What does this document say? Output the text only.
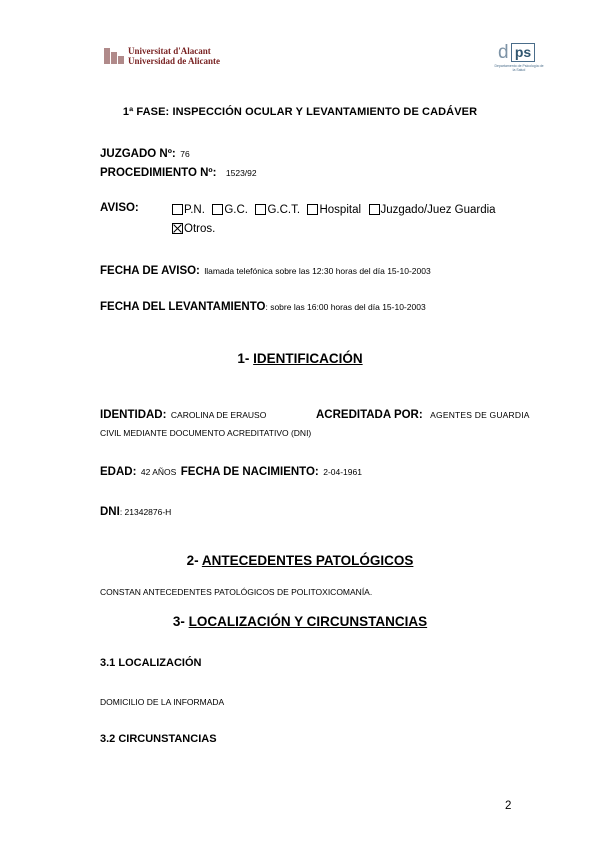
Universitat d'Alacant
Universidad de Alicante	d ps
Departamento de Psicología de la Salud
1ª FASE: INSPECCIÓN OCULAR Y LEVANTAMIENTO DE CADÁVER
JUZGADO Nº: 76
PROCEDIMIENTO Nº: 1523/92
AVISO:	P.N.
G.C.
G.C.T.
Hospital
Juzgado/Juez Guardia
Otros.
FECHA DE AVISO: llamada telefónica sobre las 12:30 horas del día 15-10-2003
FECHA DEL LEVANTAMIENTO: sobre las 16:00 horas del día 15-10-2003
1- IDENTIFICACIÓN
IDENTIDAD: CAROLINA DE ERAUSO	ACREDITADA POR: AGENTES DE GUARDIA
CIVIL MEDIANTE DOCUMENTO ACREDITATIVO (DNI)
EDAD: 42 AÑOS FECHA DE NACIMIENTO: 2-04-1961
DNI: 21342876-H
2- ANTECEDENTES PATOLÓGICOS
CONSTAN ANTECEDENTES PATOLÓGICOS DE POLITOXICOMANÍA.
3- LOCALIZACIÓN Y CIRCUNSTANCIAS
3.1 LOCALIZACIÓN
DOMICILIO DE LA INFORMADA
3.2 CIRCUNSTANCIAS
2
